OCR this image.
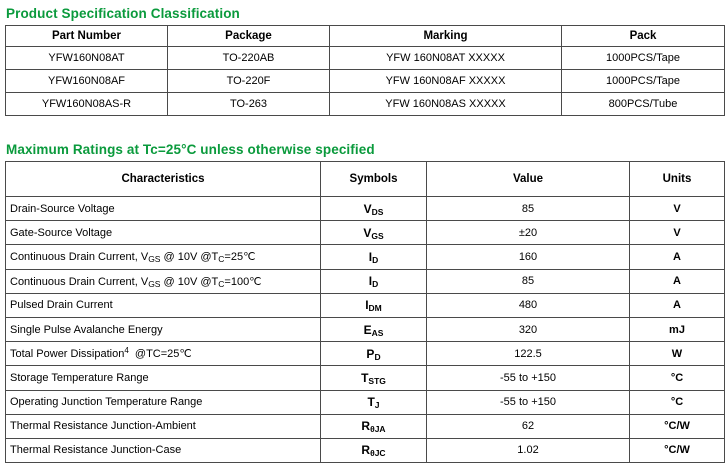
Product Specification Classification
Part Number	Package	Marking	Pack
YFW160N08AT	TO-220AB	YFW 160N08AT XXXXX	1000PCS/Tape
YFW160N08AF	TO-220F	YFW 160N08AF XXXXX	1000PCS/Tape
YFW160N08AS-R	TO-263	YFW 160N08AS XXXXX	800PCS/Tube
Maximum Ratings at Tc=25°C unless otherwise specified
Characteristics	Symbols	Value	Units
Drain-Source Voltage	$V_{DS}$	85	V
Gate-Source Voltage	$V_{GS}$	±20	V
Continuous Drain Current, $V_{GS}$ @ 10V $@T_C=25℃$	$I_D$	160	A
Continuous Drain Current, $V_{GS}$ @ 10V $@T_C=100℃$	$I_D$	85	A
Pulsed Drain Current	$I_{DM}$	480	A
Single Pulse Avalanche Energy	$E_{AS}$	320	mJ
Total Power Dissipation$^4$  @TC=25℃	$P_D$	122.5	W
Storage Temperature Range	$T_{STG}$	-55 to +150	°C
Operating Junction Temperature Range	$T_J$	-55 to +150	°C
Thermal Resistance Junction-Ambient	$R_{\theta JA}$	62	°C/W
Thermal Resistance Junction-Case	$R_{\theta JC}$	1.02	°C/W
